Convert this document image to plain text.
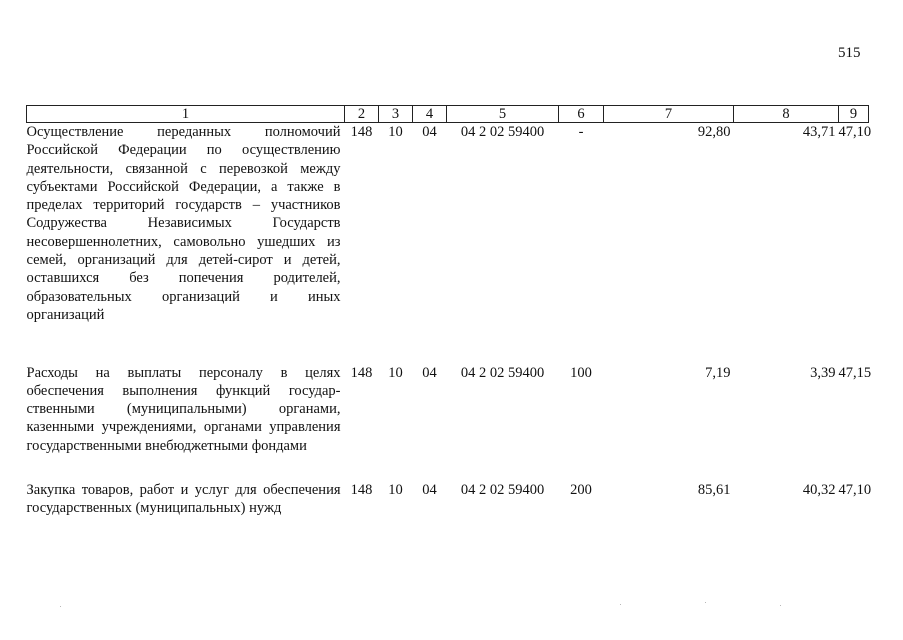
515
1	2	3	4	5	6	7	8	9
Осуществление переданных полномочий Российской Федерации по осуществлению деятельности, связанной с перевозкой между субъектами Российской Федерации, а также в пределах территорий государств – участников Содружества Независимых Государств несовершеннолетних, самовольно ушедших из семей, организаций для детей-сирот и детей, оставшихся без попечения родителей, образовательных организаций и иных организаций	148	10	04	04 2 02 59400	-	92,80	43,71	47,10
Расходы на выплаты персоналу в целях обеспечения выполнения функций государ-ственными (муниципальными) органами, казенными учреждениями, органами управления государственными внебюджетными фондами	148	10	04	04 2 02 59400	100	7,19	3,39	47,15
Закупка товаров, работ и услуг для обеспечения государственных (муниципальных) нужд	148	10	04	04 2 02 59400	200	85,61	40,32	47,10
